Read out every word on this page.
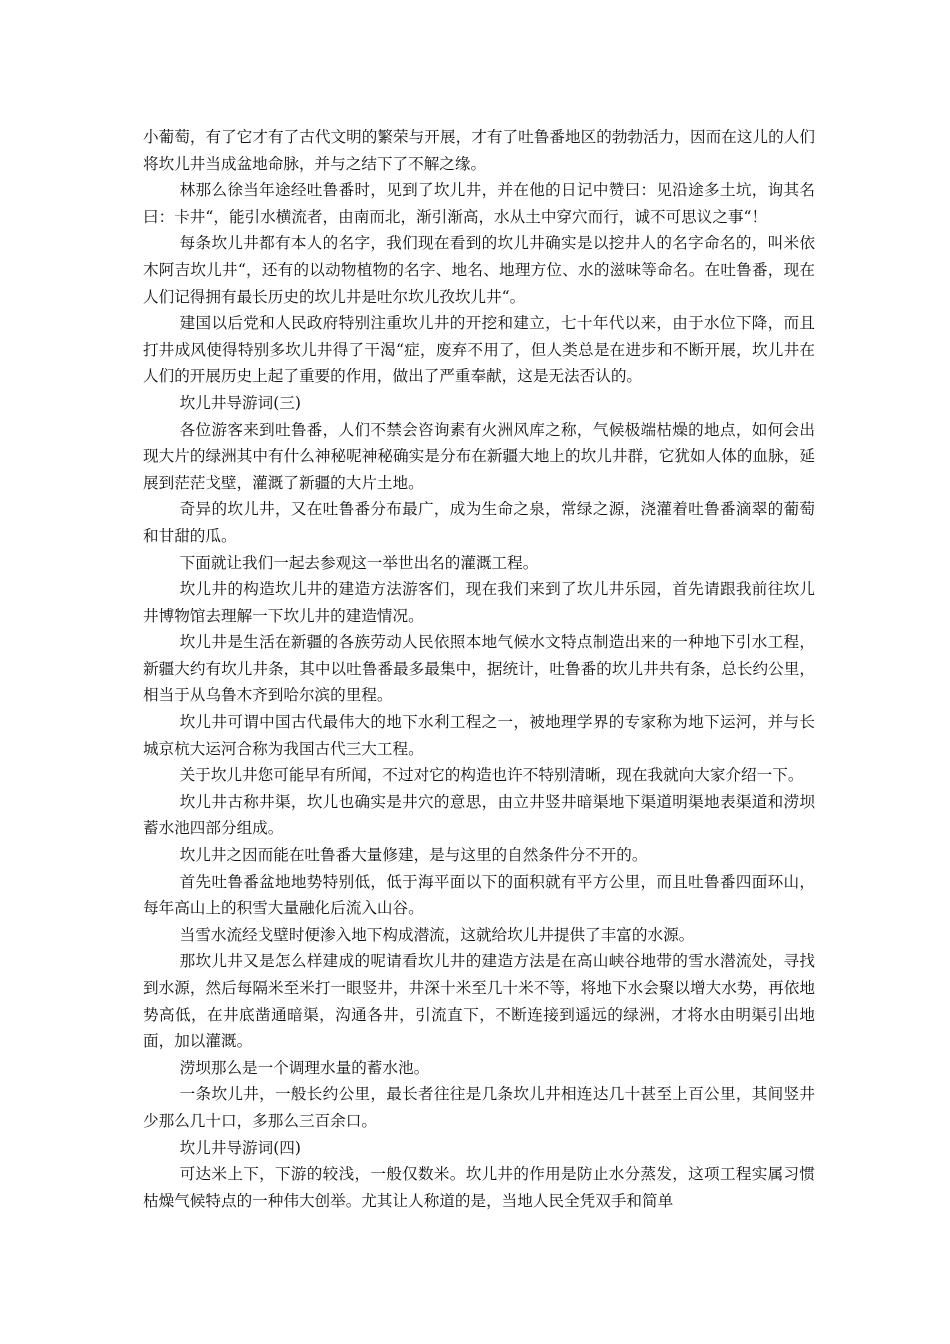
小葡萄，有了它才有了古代文明的繁荣与开展，才有了吐鲁番地区的勃勃活力，因而在这儿的人们将坎儿井当成盆地命脉，并与之结下了不解之缘。

林那么徐当年途经吐鲁番时，见到了坎儿井，并在他的日记中赞曰：见沿途多土坑，询其名曰：卡井“，能引水横流者，由南而北，渐引渐高，水从土中穿穴而行，诚不可思议之事“！

每条坎儿井都有本人的名字，我们现在看到的坎儿井确实是以挖井人的名字命名的，叫米依木阿吉坎儿井“，还有的以动物植物的名字、地名、地理方位、水的滋味等命名。在吐鲁番，现在人们记得拥有最长历史的坎儿井是吐尔坎儿孜坎儿井“。

建国以后党和人民政府特别注重坎儿井的开挖和建立，七十年代以来，由于水位下降，而且打井成风使得特别多坎儿井得了干渴“症，废弃不用了，但人类总是在进步和不断开展，坎儿井在人们的开展历史上起了重要的作用，做出了严重奉献，这是无法否认的。

坎儿井导游词(三)

各位游客来到吐鲁番，人们不禁会咨询素有火洲风库之称，气候极端枯燥的地点，如何会出现大片的绿洲其中有什么神秘呢神秘确实是分布在新疆大地上的坎儿井群，它犹如人体的血脉，延展到茫茫戈壁，灌溉了新疆的大片土地。

奇异的坎儿井，又在吐鲁番分布最广，成为生命之泉，常绿之源，浇灌着吐鲁番滴翠的葡萄和甘甜的瓜。

下面就让我们一起去参观这一举世出名的灌溉工程。

坎儿井的构造坎儿井的建造方法游客们，现在我们来到了坎儿井乐园，首先请跟我前往坎儿井博物馆去理解一下坎儿井的建造情况。

坎儿井是生活在新疆的各族劳动人民依照本地气候水文特点制造出来的一种地下引水工程，新疆大约有坎儿井条，其中以吐鲁番最多最集中，据统计，吐鲁番的坎儿井共有条，总长约公里，相当于从乌鲁木齐到哈尔滨的里程。

坎儿井可谓中国古代最伟大的地下水利工程之一，被地理学界的专家称为地下运河，并与长城京杭大运河合称为我国古代三大工程。

关于坎儿井您可能早有所闻，不过对它的构造也许不特别清晰，现在我就向大家介绍一下。

坎儿井古称井渠，坎儿也确实是井穴的意思，由立井竖井暗渠地下渠道明渠地表渠道和涝坝蓄水池四部分组成。

坎儿井之因而能在吐鲁番大量修建，是与这里的自然条件分不开的。

首先吐鲁番盆地地势特别低，低于海平面以下的面积就有平方公里，而且吐鲁番四面环山，每年高山上的积雪大量融化后流入山谷。

当雪水流经戈壁时便渗入地下构成潜流，这就给坎儿井提供了丰富的水源。

那坎儿井又是怎么样建成的呢请看坎儿井的建造方法是在高山峡谷地带的雪水潜流处，寻找到水源，然后每隔米至米打一眼竖井，井深十米至几十米不等，将地下水会聚以增大水势，再依地势高低，在井底凿通暗渠，沟通各井，引流直下，不断连接到遥远的绿洲，才将水由明渠引出地面，加以灌溉。

涝坝那么是一个调理水量的蓄水池。

一条坎儿井，一般长约公里，最长者往往是几条坎儿井相连达几十甚至上百公里，其间竖井少那么几十口，多那么三百余口。

坎儿井导游词(四)

可达米上下，下游的较浅，一般仅数米。坎儿井的作用是防止水分蒸发，这项工程实属习惯枯燥气候特点的一种伟大创举。尤其让人称道的是，当地人民全凭双手和简单
